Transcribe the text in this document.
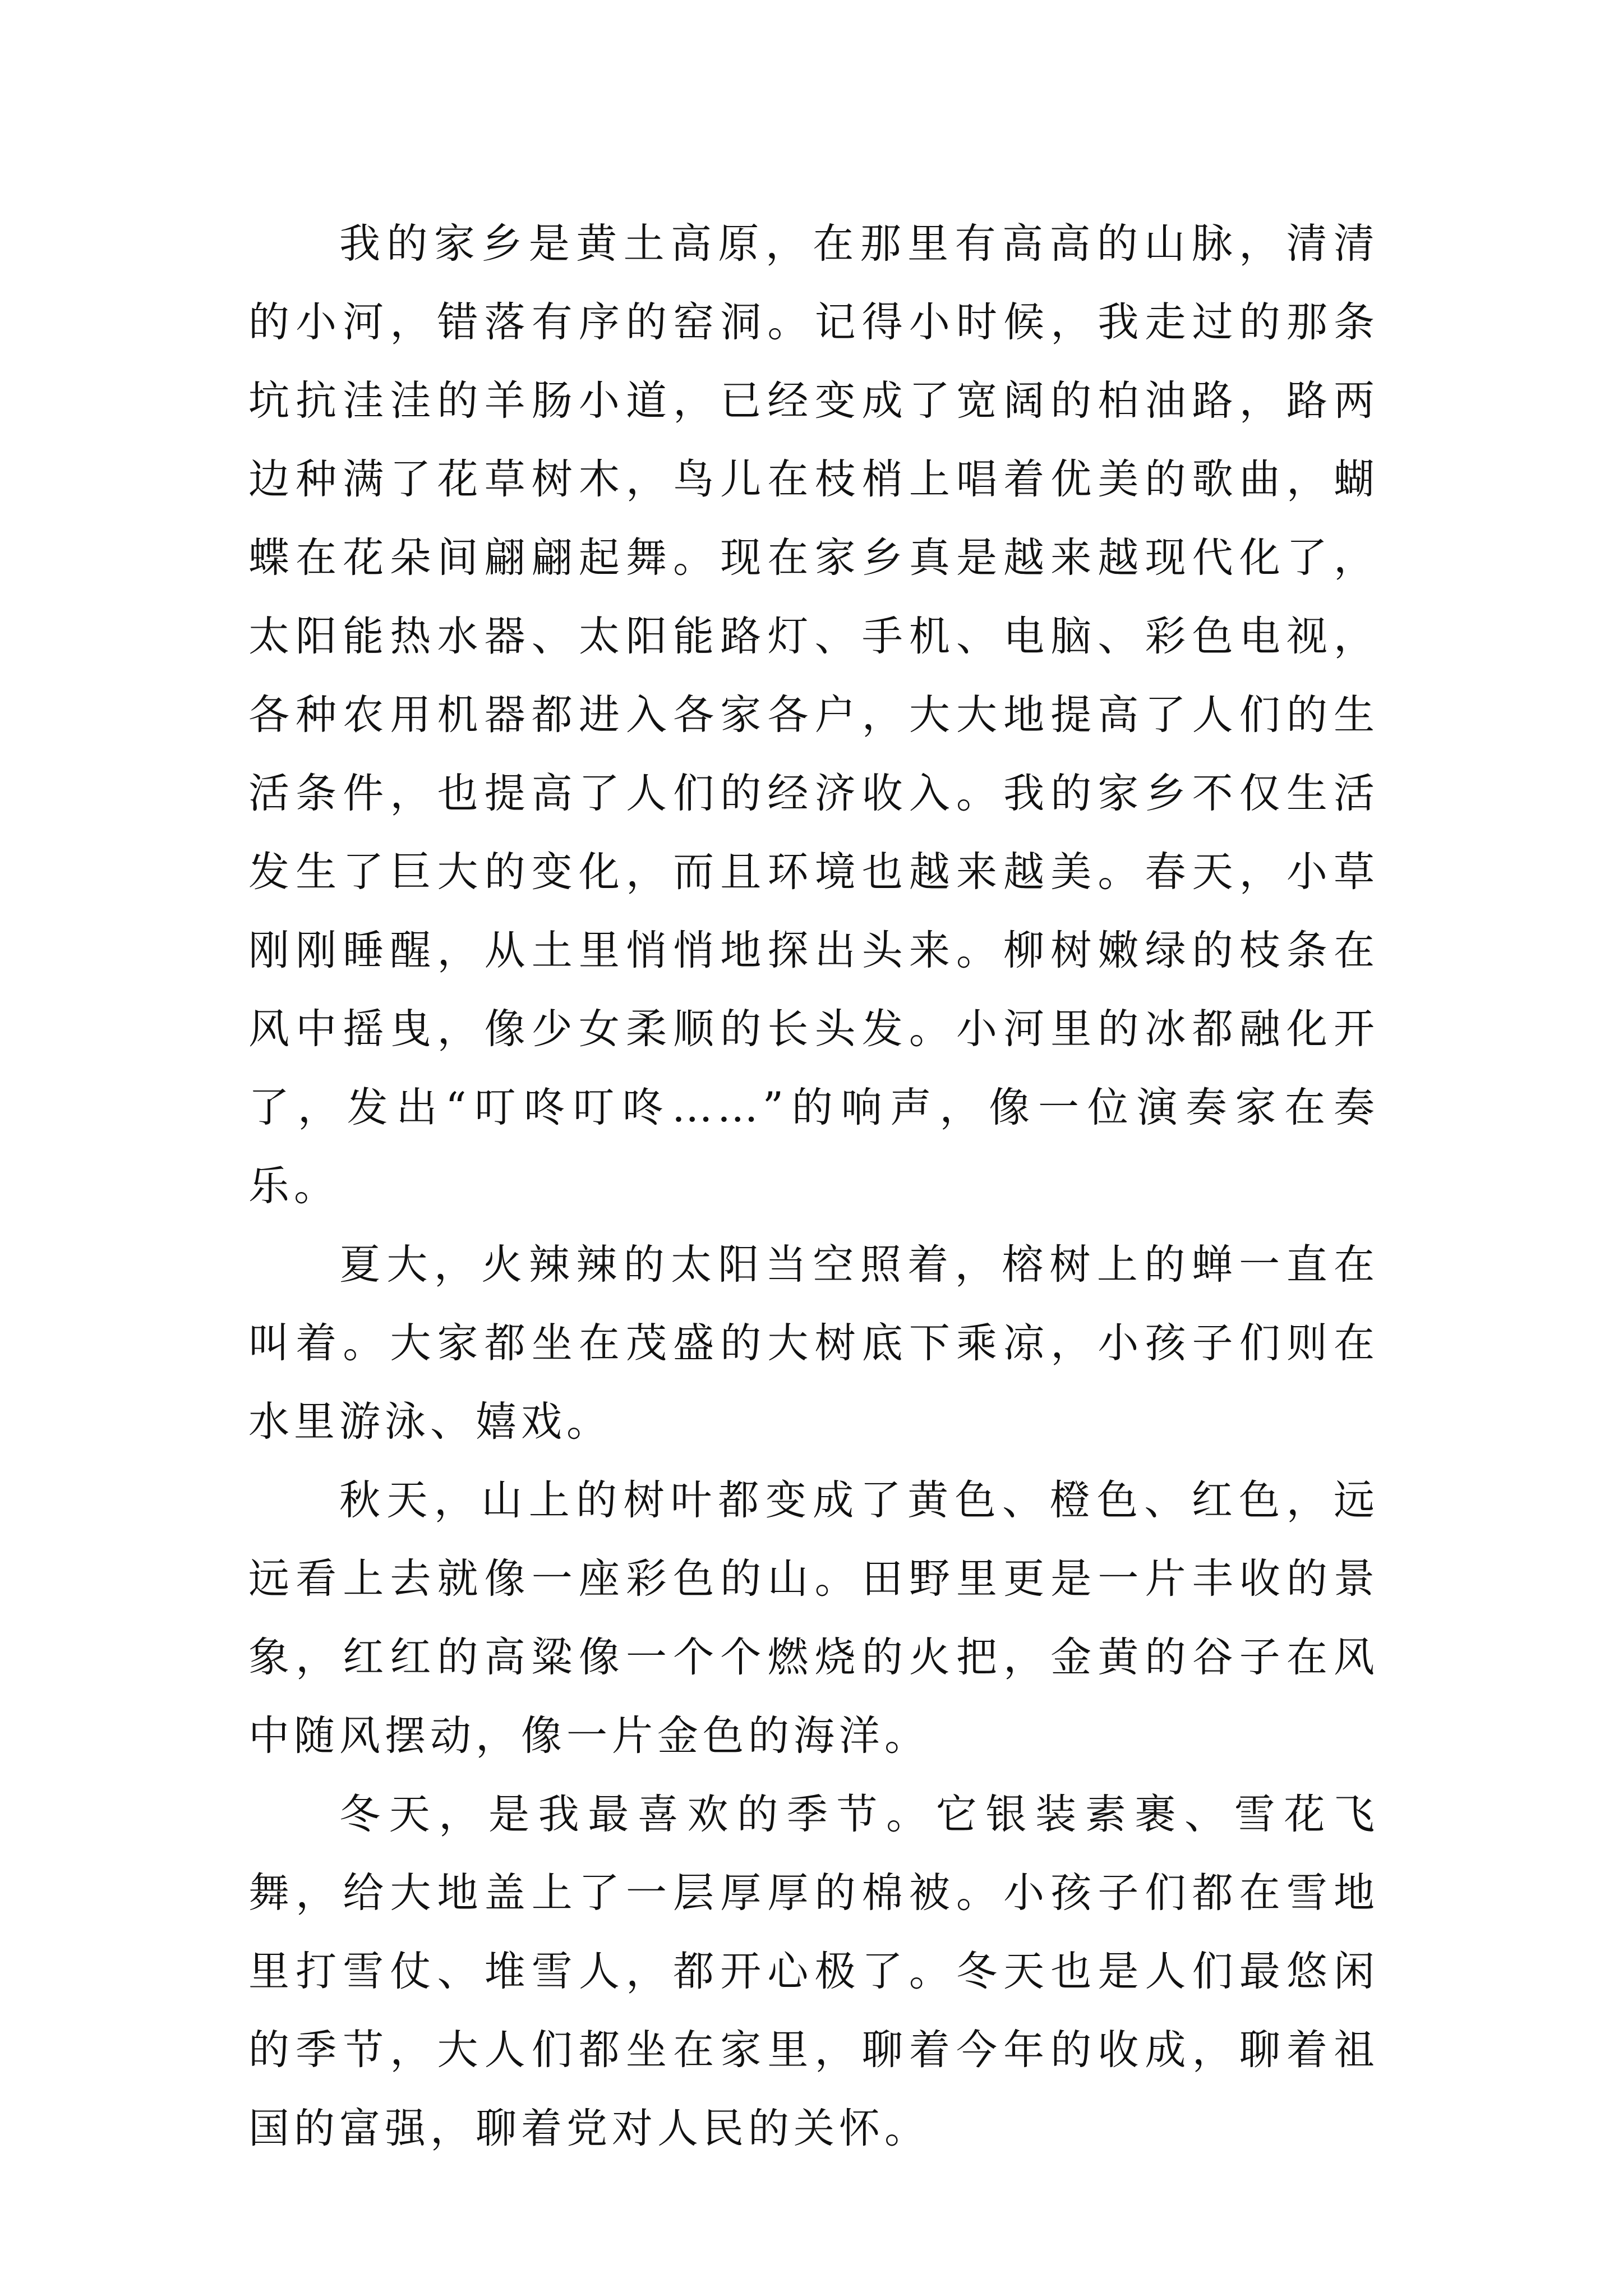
我的家乡是黄土高原，在那里有高高的山脉，清清的小河，错落有序的窑洞。记得小时候，我走过的那条坑抗洼洼的羊肠小道，已经变成了宽阔的柏油路，路两边种满了花草树木，鸟儿在枝梢上唱着优美的歌曲，蝴蝶在花朵间翩翩起舞。现在家乡真是越来越现代化了，太阳能热水器、太阳能路灯、手机、电脑、彩色电视，各种农用机器都进入各家各户，大大地提高了人们的生活条件，也提高了人们的经济收入。我的家乡不仅生活发生了巨大的变化，而且环境也越来越美。春天，小草刚刚睡醒，从土里悄悄地探出头来。柳树嫩绿的枝条在风中摇曳，像少女柔顺的长头发。小河里的冰都融化开了，发出“叮咚叮咚……”的响声，像一位演奏家在奏乐。

夏大，火辣辣的太阳当空照着，榕树上的蝉一直在叫着。大家都坐在茂盛的大树底下乘凉，小孩子们则在水里游泳、嬉戏。

秋天，山上的树叶都变成了黄色、橙色、红色，远远看上去就像一座彩色的山。田野里更是一片丰收的景象，红红的高粱像一个个燃烧的火把，金黄的谷子在风中随风摆动，像一片金色的海洋。

冬天，是我最喜欢的季节。它银装素裹、雪花飞舞，给大地盖上了一层厚厚的棉被。小孩子们都在雪地里打雪仗、堆雪人，都开心极了。冬天也是人们最悠闲的季节，大人们都坐在家里，聊着今年的收成，聊着祖国的富强，聊着党对人民的关怀。
